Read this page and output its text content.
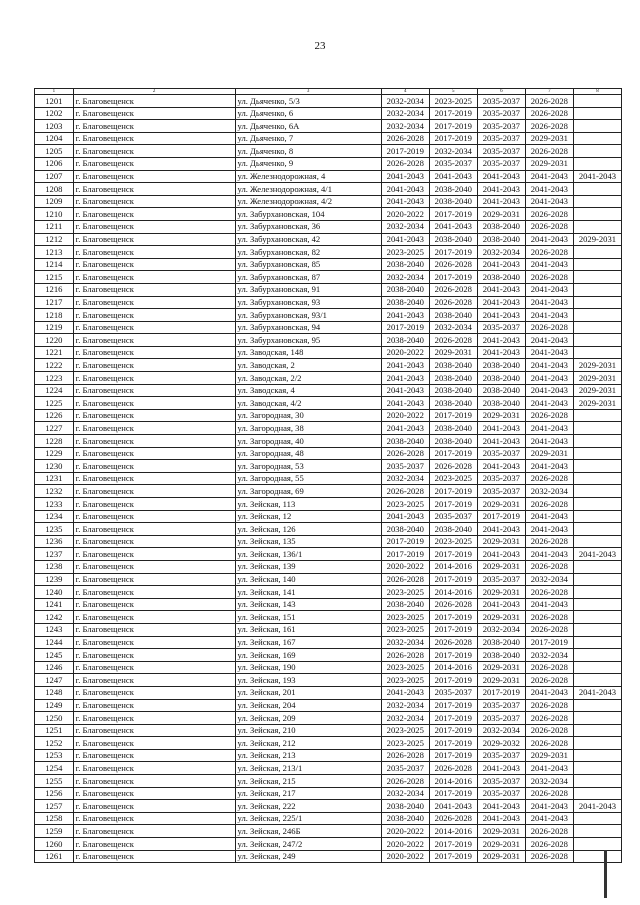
23
1	2	3	4	5	6	7	8
1201	г. Благовещенск	ул. Дьяченко, 5/3	2032-2034	2023-2025	2035-2037	2026-2028	
1202	г. Благовещенск	ул. Дьяченко, 6	2032-2034	2017-2019	2035-2037	2026-2028	
1203	г. Благовещенск	ул. Дьяченко, 6А	2032-2034	2017-2019	2035-2037	2026-2028	
1204	г. Благовещенск	ул. Дьяченко, 7	2026-2028	2017-2019	2035-2037	2029-2031	
1205	г. Благовещенск	ул. Дьяченко, 8	2017-2019	2032-2034	2035-2037	2026-2028	
1206	г. Благовещенск	ул. Дьяченко, 9	2026-2028	2035-2037	2035-2037	2029-2031	
1207	г. Благовещенск	ул. Железнодорожная, 4	2041-2043	2041-2043	2041-2043	2041-2043	2041-2043
1208	г. Благовещенск	ул. Железнодорожная, 4/1	2041-2043	2038-2040	2041-2043	2041-2043	
1209	г. Благовещенск	ул. Железнодорожная, 4/2	2041-2043	2038-2040	2041-2043	2041-2043	
1210	г. Благовещенск	ул. Забурхановская, 104	2020-2022	2017-2019	2029-2031	2026-2028	
1211	г. Благовещенск	ул. Забурхановская, 36	2032-2034	2041-2043	2038-2040	2026-2028	
1212	г. Благовещенск	ул. Забурхановская, 42	2041-2043	2038-2040	2038-2040	2041-2043	2029-2031
1213	г. Благовещенск	ул. Забурхановская, 82	2023-2025	2017-2019	2032-2034	2026-2028	
1214	г. Благовещенск	ул. Забурхановская, 85	2038-2040	2026-2028	2041-2043	2041-2043	
1215	г. Благовещенск	ул. Забурхановская, 87	2032-2034	2017-2019	2038-2040	2026-2028	
1216	г. Благовещенск	ул. Забурхановская, 91	2038-2040	2026-2028	2041-2043	2041-2043	
1217	г. Благовещенск	ул. Забурхановская, 93	2038-2040	2026-2028	2041-2043	2041-2043	
1218	г. Благовещенск	ул. Забурхановская, 93/1	2041-2043	2038-2040	2041-2043	2041-2043	
1219	г. Благовещенск	ул. Забурхановская, 94	2017-2019	2032-2034	2035-2037	2026-2028	
1220	г. Благовещенск	ул. Забурхановская, 95	2038-2040	2026-2028	2041-2043	2041-2043	
1221	г. Благовещенск	ул. Заводская, 148	2020-2022	2029-2031	2041-2043	2041-2043	
1222	г. Благовещенск	ул. Заводская, 2	2041-2043	2038-2040	2038-2040	2041-2043	2029-2031
1223	г. Благовещенск	ул. Заводская, 2/2	2041-2043	2038-2040	2038-2040	2041-2043	2029-2031
1224	г. Благовещенск	ул. Заводская, 4	2041-2043	2038-2040	2038-2040	2041-2043	2029-2031
1225	г. Благовещенск	ул. Заводская, 4/2	2041-2043	2038-2040	2038-2040	2041-2043	2029-2031
1226	г. Благовещенск	ул. Загородная, 30	2020-2022	2017-2019	2029-2031	2026-2028	
1227	г. Благовещенск	ул. Загородная, 38	2041-2043	2038-2040	2041-2043	2041-2043	
1228	г. Благовещенск	ул. Загородная, 40	2038-2040	2038-2040	2041-2043	2041-2043	
1229	г. Благовещенск	ул. Загородная, 48	2026-2028	2017-2019	2035-2037	2029-2031	
1230	г. Благовещенск	ул. Загородная, 53	2035-2037	2026-2028	2041-2043	2041-2043	
1231	г. Благовещенск	ул. Загородная, 55	2032-2034	2023-2025	2035-2037	2026-2028	
1232	г. Благовещенск	ул. Загородная, 69	2026-2028	2017-2019	2035-2037	2032-2034	
1233	г. Благовещенск	ул. Зейская, 113	2023-2025	2017-2019	2029-2031	2026-2028	
1234	г. Благовещенск	ул. Зейская, 12	2041-2043	2035-2037	2017-2019	2041-2043	
1235	г. Благовещенск	ул. Зейская, 126	2038-2040	2038-2040	2041-2043	2041-2043	
1236	г. Благовещенск	ул. Зейская, 135	2017-2019	2023-2025	2029-2031	2026-2028	
1237	г. Благовещенск	ул. Зейская, 136/1	2017-2019	2017-2019	2041-2043	2041-2043	2041-2043
1238	г. Благовещенск	ул. Зейская, 139	2020-2022	2014-2016	2029-2031	2026-2028	
1239	г. Благовещенск	ул. Зейская, 140	2026-2028	2017-2019	2035-2037	2032-2034	
1240	г. Благовещенск	ул. Зейская, 141	2023-2025	2014-2016	2029-2031	2026-2028	
1241	г. Благовещенск	ул. Зейская, 143	2038-2040	2026-2028	2041-2043	2041-2043	
1242	г. Благовещенск	ул. Зейская, 151	2023-2025	2017-2019	2029-2031	2026-2028	
1243	г. Благовещенск	ул. Зейская, 161	2023-2025	2017-2019	2032-2034	2026-2028	
1244	г. Благовещенск	ул. Зейская, 167	2032-2034	2026-2028	2038-2040	2017-2019	
1245	г. Благовещенск	ул. Зейская, 169	2026-2028	2017-2019	2038-2040	2032-2034	
1246	г. Благовещенск	ул. Зейская, 190	2023-2025	2014-2016	2029-2031	2026-2028	
1247	г. Благовещенск	ул. Зейская, 193	2023-2025	2017-2019	2029-2031	2026-2028	
1248	г. Благовещенск	ул. Зейская, 201	2041-2043	2035-2037	2017-2019	2041-2043	2041-2043
1249	г. Благовещенск	ул. Зейская, 204	2032-2034	2017-2019	2035-2037	2026-2028	
1250	г. Благовещенск	ул. Зейская, 209	2032-2034	2017-2019	2035-2037	2026-2028	
1251	г. Благовещенск	ул. Зейская, 210	2023-2025	2017-2019	2032-2034	2026-2028	
1252	г. Благовещенск	ул. Зейская, 212	2023-2025	2017-2019	2029-2032	2026-2028	
1253	г. Благовещенск	ул. Зейская, 213	2026-2028	2017-2019	2035-2037	2029-2031	
1254	г. Благовещенск	ул. Зейская, 213/1	2035-2037	2026-2028	2041-2043	2041-2043	
1255	г. Благовещенск	ул. Зейская, 215	2026-2028	2014-2016	2035-2037	2032-2034	
1256	г. Благовещенск	ул. Зейская, 217	2032-2034	2017-2019	2035-2037	2026-2028	
1257	г. Благовещенск	ул. Зейская, 222	2038-2040	2041-2043	2041-2043	2041-2043	2041-2043
1258	г. Благовещенск	ул. Зейская, 225/1	2038-2040	2026-2028	2041-2043	2041-2043	
1259	г. Благовещенск	ул. Зейская, 246Б	2020-2022	2014-2016	2029-2031	2026-2028	
1260	г. Благовещенск	ул. Зейская, 247/2	2020-2022	2017-2019	2029-2031	2026-2028	
1261	г. Благовещенск	ул. Зейская, 249	2020-2022	2017-2019	2029-2031	2026-2028	
